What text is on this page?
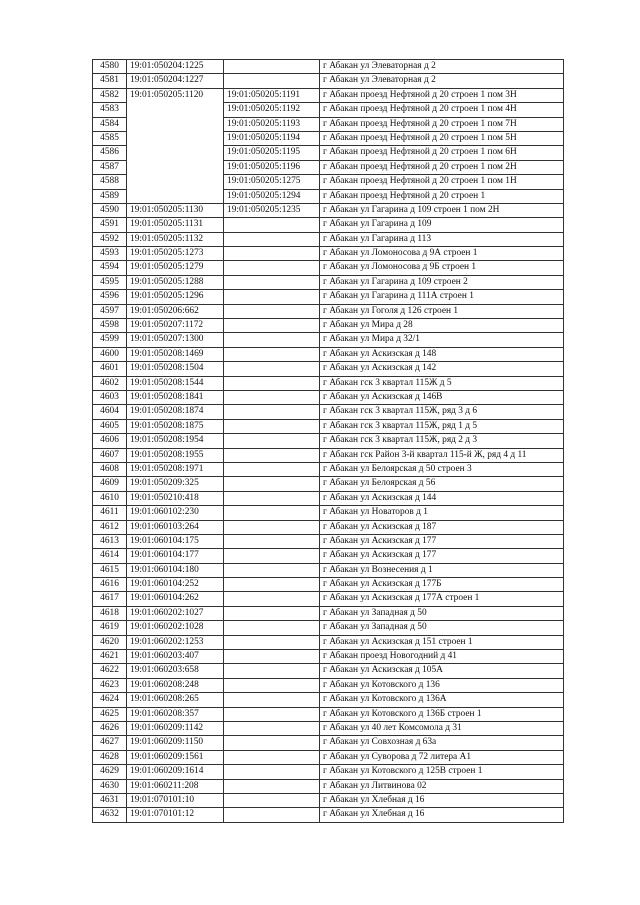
4580	19:01:050204:1225		г Абакан ул Элеваторная д 2
4581	19:01:050204:1227		г Абакан ул Элеваторная д 2
4582	19:01:050205:1120	19:01:050205:1191	г Абакан проезд Нефтяной д 20 строен 1 пом 3Н
4583		19:01:050205:1192	г Абакан проезд Нефтяной д 20 строен 1 пом 4Н
4584		19:01:050205:1193	г Абакан проезд Нефтяной д 20 строен 1 пом 7Н
4585		19:01:050205:1194	г Абакан проезд Нефтяной д 20 строен 1 пом 5Н
4586		19:01:050205:1195	г Абакан проезд Нефтяной д 20 строен 1 пом 6Н
4587		19:01:050205:1196	г Абакан проезд Нефтяной д 20 строен 1 пом 2Н
4588		19:01:050205:1275	г Абакан проезд Нефтяной д 20 строен 1 пом 1Н
4589		19:01:050205:1294	г Абакан проезд Нефтяной д 20 строен 1
4590	19:01:050205:1130	19:01:050205:1235	г Абакан ул Гагарина д 109 строен 1 пом 2Н
4591	19:01:050205:1131		г Абакан ул Гагарина д 109
4592	19:01:050205:1132		г Абакан ул Гагарина д 113
4593	19:01:050205:1273		г Абакан ул Ломоносова д 9А строен 1
4594	19:01:050205:1279		г Абакан ул Ломоносова д 9Б строен 1
4595	19:01:050205:1288		г Абакан ул Гагарина д 109 строен 2
4596	19:01:050205:1296		г Абакан ул Гагарина д 111А строен 1
4597	19:01:050206:662		г Абакан ул Гоголя д 126 строен 1
4598	19:01:050207:1172		г Абакан ул Мира д 28
4599	19:01:050207:1300		г Абакан ул Мира д 32/1
4600	19:01:050208:1469		г Абакан ул Аскизская д 148
4601	19:01:050208:1504		г Абакан ул Аскизская д 142
4602	19:01:050208:1544		г Абакан гск 3 квартал 115Ж д 5
4603	19:01:050208:1841		г Абакан ул Аскизская д 146В
4604	19:01:050208:1874		г Абакан гск 3 квартал 115Ж, ряд 3 д 6
4605	19:01:050208:1875		г Абакан гск 3 квартал 115Ж, ряд 1 д 5
4606	19:01:050208:1954		г Абакан гск 3 квартал 115Ж, ряд 2 д 3
4607	19:01:050208:1955		г Абакан гск Район 3-й квартал 115-й Ж, ряд 4 д 11
4608	19:01:050208:1971		г Абакан ул Белоярская д 50 строен 3
4609	19:01:050209:325		г Абакан ул Белоярская д 56
4610	19:01:050210:418		г Абакан ул Аскизская д 144
4611	19:01:060102:230		г Абакан ул Новаторов д 1
4612	19:01:060103:264		г Абакан ул Аскизская д 187
4613	19:01:060104:175		г Абакан ул Аскизская д 177
4614	19:01:060104:177		г Абакан ул Аскизская д 177
4615	19:01:060104:180		г Абакан ул Вознесения д 1
4616	19:01:060104:252		г Абакан ул Аскизская д 177Б
4617	19:01:060104:262		г Абакан ул Аскизская д 177А строен 1
4618	19:01:060202:1027		г Абакан ул Западная д 50
4619	19:01:060202:1028		г Абакан ул Западная д 50
4620	19:01:060202:1253		г Абакан ул Аскизская д 151 строен 1
4621	19:01:060203:407		г Абакан проезд Новогодний д 41
4622	19:01:060203:658		г Абакан ул Аскизская д 105А
4623	19:01:060208:248		г Абакан ул Котовского д 136
4624	19:01:060208:265		г Абакан ул Котовского д 136А
4625	19:01:060208:357		г Абакан ул Котовского д 136Б строен 1
4626	19:01:060209:1142		г Абакан ул 40 лет Комсомола д 31
4627	19:01:060209:1150		г Абакан ул Совхозная д 63а
4628	19:01:060209:1561		г Абакан ул Суворова д 72 литера А1
4629	19:01:060209:1614		г Абакан ул Котовского д 125В строен 1
4630	19:01:060211:208		г Абакан ул Литвинова 02
4631	19:01:070101:10		г Абакан ул Хлебная д 16
4632	19:01:070101:12		г Абакан ул Хлебная д 16
